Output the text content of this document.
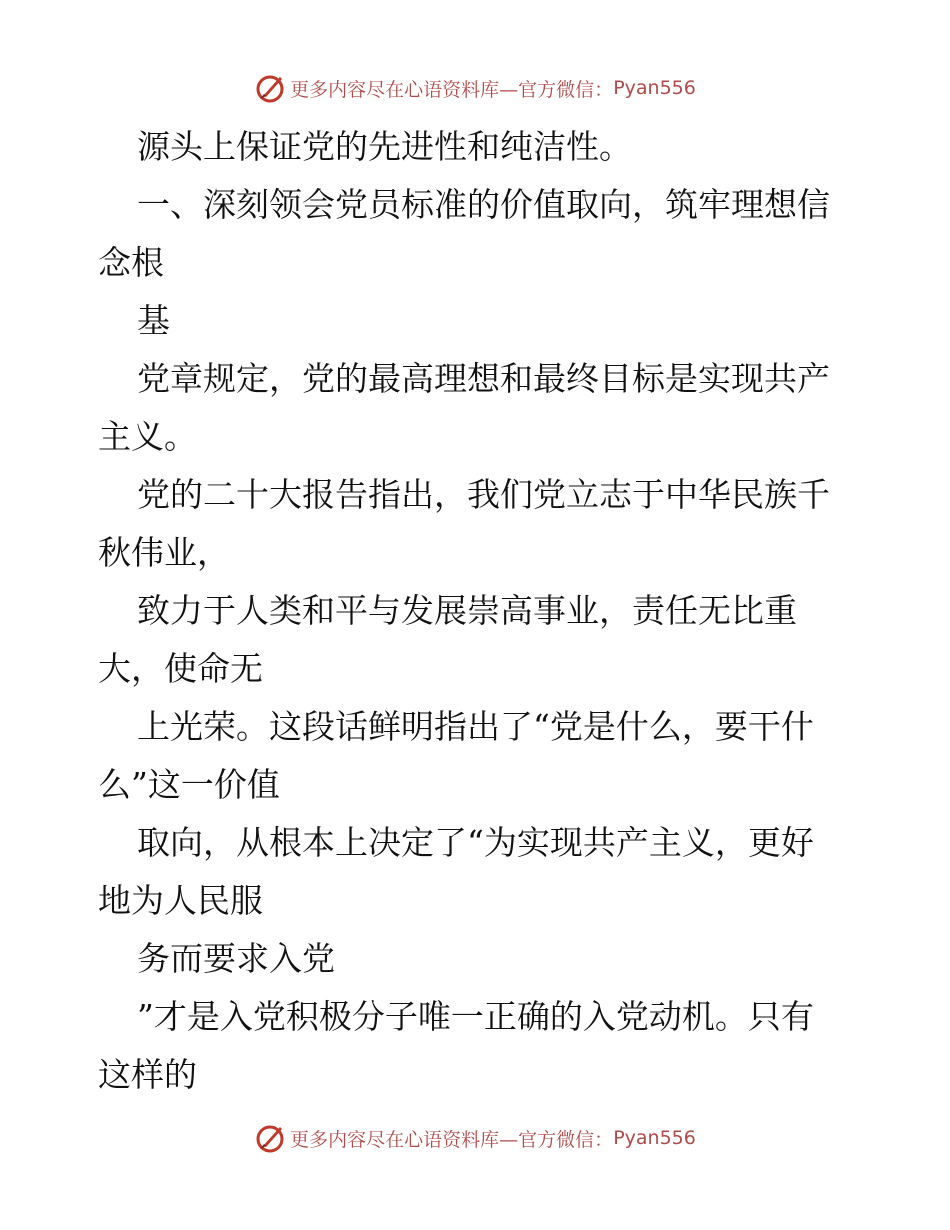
更多内容尽在心语资料库 —官方微信： Pyan556
源头上保证党的先进性和纯洁性。
一、深刻领会党员标准的价值取向，筑牢理想信
念根
基
党章规定，党的最高理想和最终目标是实现共产
主义。
党的二十大报告指出，我们党立志于中华民族千
秋伟业，
致力于人类和平与发展崇高事业，责任无比重
大，使命无
上光荣。这段话鲜明指出了“党是什么，要干什
么”这一价值
取向，从根本上决定了“为实现共产主义，更好
地为人民服
务而要求入党
”才是入党积极分子唯一正确的入党动机。只有
这样的
更多内容尽在心语资料库 —官方微信： Pyan556
